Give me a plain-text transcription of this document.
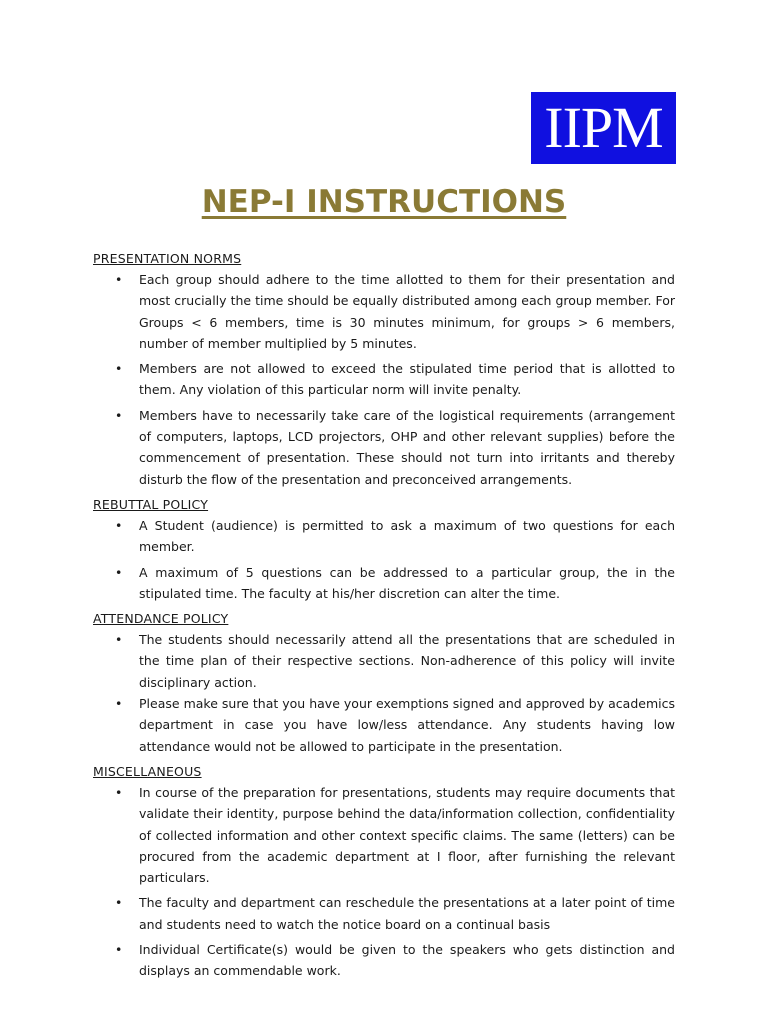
IIPM
NEP-I INSTRUCTIONS

PRESENTATION NORMS

• Each group should adhere to the time allotted to them for their presentation and most crucially the time should be equally distributed among each group member. For Groups < 6 members, time is 30 minutes minimum, for groups > 6 members, number of member multiplied by 5 minutes.
• Members are not allowed to exceed the stipulated time period that is allotted to them. Any violation of this particular norm will invite penalty.
• Members have to necessarily take care of the logistical requirements (arrangement of computers, laptops, LCD projectors, OHP and other relevant supplies) before the commencement of presentation. These should not turn into irritants and thereby disturb the flow of the presentation and preconceived arrangements.

REBUTTAL POLICY

• A Student (audience) is permitted to ask a maximum of two questions for each member.
• A maximum of 5 questions can be addressed to a particular group, the in the stipulated time. The faculty at his/her discretion can alter the time.

ATTENDANCE POLICY

• The students should necessarily attend all the presentations that are scheduled in the time plan of their respective sections. Non-adherence of this policy will invite disciplinary action.
• Please make sure that you have your exemptions signed and approved by academics department in case you have low/less attendance. Any students having low attendance would not be allowed to participate in the presentation.

MISCELLANEOUS

• In course of the preparation for presentations, students may require documents that validate their identity, purpose behind the data/information collection, confidentiality of collected information and other context specific claims. The same (letters) can be procured from the academic department at I floor, after furnishing the relevant particulars.
• The faculty and department can reschedule the presentations at a later point of time and students need to watch the notice board on a continual basis
• Individual Certificate(s) would be given to the speakers who gets distinction and displays an commendable work.
